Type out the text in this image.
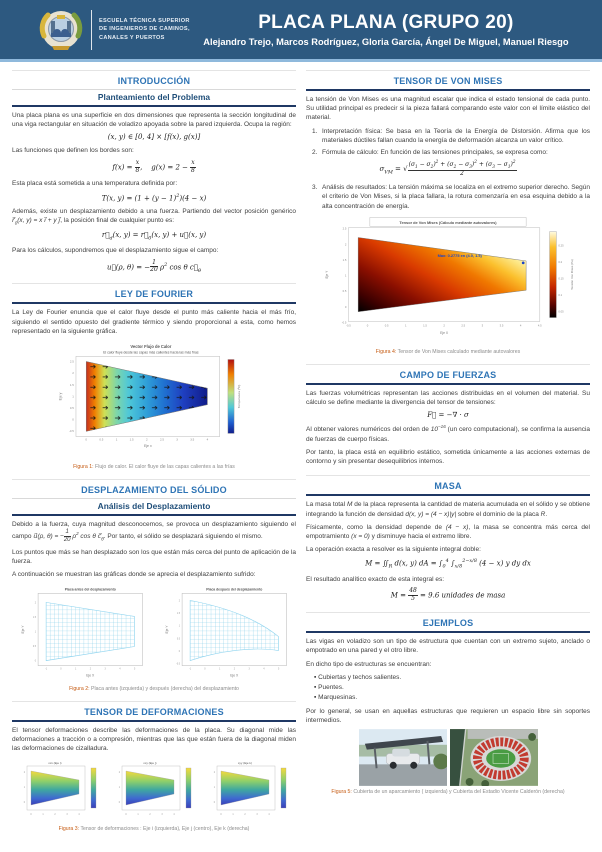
ESCUELA TÉCNICA SUPERIOR
DE INGENIEROS DE CAMINOS,
CANALES Y PUERTOS
PLACA PLANA (GRUPO 20)
Alejandro Trejo, Marcos Rodríguez, Gloria García, Ángel De Miguel, Manuel Riesgo
INTRODUCCIÓN
Planteamiento del Problema

Una placa plana es una superficie en dos dimensiones que representa la sección longitudinal de una viga rectangular en situación de voladizo apoyada sobre la pared izquierda. Ocupa la región:

(x, y) ∈ [0, 4] × [f(x), g(x)]

Las funciones que definen los bordes son:

$f(x) = \frac{x}{8}$ ,    $g(x) = 2 - \frac{x}{8}$

Esta placa está sometida a una temperatura definida por:

T(x, $y) = (1 + (y - 1)^2)(4 - x)$

Además, existe un desplazamiento debido a una fuerza. Partiendo del vector posición genérico $r⃗_0(x$, y) = x i⃗ + y j⃗, la posición final de cualquier punto es:

$r⃗_d(x$, $y) = r⃗_0(x$, y) + u⃗(x, y)

Para los cálculos, supondremos que el desplazamiento sigue el campo:

u⃗(ρ, θ) = − $\frac{1}{20} \rho^2$ cos θ $c⃗_\theta$
LEY DE FOURIER

La Ley de Fourier enuncia que el calor fluye desde el punto más caliente hacia el más frío, siguiendo el sentido opuesto del gradiente térmico y siendo proporcional a esta, como hemos representado en la siguiente gráfica.

Vector Flujo de Calor
El calor fluye desde las capas más calientes hacia las más frías
Temperatura (ºC)
0	0.5	1	1.5	2	2.5	3	3.5	4
2.5
2
1.5
1
0.5
0
-0.5
Eje x
Eje y
Figura 1: Flujo de calor. El calor fluye de las capas calientes a las frías
DESPLAZAMIENTO DEL SÓLIDO
Análisis del Desplazamiento

Debido a la fuerza, cuya magnitud desconocemos, se provoca un desplazamiento siguiendo el campo u⃗(ρ, θ) = − $\frac{1}{20} \rho^2$ cos θ $c⃗_\theta$. Por tanto, el sólido se desplazará siguiendo el mismo.

Los puntos que más se han desplazado son los que están más cerca del punto de aplicación de la fuerza.

A continuación se muestran las gráficas donde se aprecia el desplazamiento sufrido:

Placa antes del desplazamiento
-1	0	1	2	3	4	5
2
1.5
1
0.5
0
Eje X
Eje Y
Placa después del desplazamiento
-1	0	1	2	3	4	5
2
1.5
1
0.5
0
-0.5
Eje X
Eje Y
Figura 2: Placa antes (izquierda) y después (derecha) del desplazamiento
TENSOR DE DEFORMACIONES

El tensor deformaciones describe las deformaciones de la placa. Su diagonal mide las deformaciones a tracción o a compresión, mientras que las que están fuera de la diagonal miden las deformaciones de cizalladura.

εxx (Eje i)
0	1	2	3	4
2
1
0
εxy (Eje j)
0	1	2	3	4
2
1
0
εyy (Eje k)
0	1	2	3	4
2
1
0
Figura 3: Tensor de deformaciones : Eje i (izquierda), Eje j (centro), Eje k (derecha)
TENSOR DE VON MISES

La tensión de Von Mises es una magnitud escalar que indica el estado tensional de cada punto. Su utilidad principal es predecir si la pieza fallará comparando este valor con el límite elástico del material.

1. Interpretación física: Se basa en la Teoría de la Energía de Distorsión. Afirma que los materiales dúctiles fallan cuando la energía de deformación alcanza un valor crítico.
2. Fórmula de cálculo: En función de las tensiones principales, se expresa como:
$\sigma_{VM}$ = √ $\frac{(\sigma_1 - \sigma_2)^2 + (\sigma_2 - \sigma_3)^2 + (\sigma_3 - \sigma_1)^2}{2}$
3. Análisis de resultados: La tensión máxima se localiza en el extremo superior derecho. Según el criterio de Von Mises, si la placa fallara, la rotura comenzaría en esa esquina debido a la alta concentración de energía.
Tensor de Von Mises (Cálculo mediante autovalores)
Max: 0.2775 en (4.0, 1.5)
0.25
0.2
0.15
0.1
0.05
Tensión Von Mises (Pa)
-0.5	0	0.5	1	1.5	2	2.5	3	3.5	4	4.5
2.5
2
1.5
1
0.5
0
-0.5
Eje X
Eje Y
Figura 4: Tensor de Von Mises calculado mediante autovalores
CAMPO DE FUERZAS

Las fuerzas volumétricas representan las acciones distribuidas en el volumen del material. Su cálculo se define mediante la divergencia del tensor de tensiones:

F⃗ = −∇ · σ

Al obtener valores numéricos del orden de $10^{-16}$ (un cero computacional), se confirma la ausencia de fuerzas de cuerpo físicas.

Por tanto, la placa está en equilibrio estático, sometida únicamente a las acciones externas de contorno y sin presentar desequilibrios internos.

MASA

La masa total M de la placa representa la cantidad de materia acumulada en el sólido y se obtiene integrando la función de densidad d(x, y) = (4 − x)|y| sobre el dominio de la placa R.

Físicamente, como la densidad depende de (4 − x), la masa se concentra más cerca del empotramiento (x = 0) y disminuye hacia el extremo libre.

La operación exacta a resolver es la siguiente integral doble:

$M = ∬_R$ d(x, y) dA = $\int_0^4$ $\int_{x/8}^{2-x/8}$ (4 − x) y dy dx

El resultado analítico exacto de esta integral es:

$M = \frac{48}{5} = 9.6$ unidades de masa
EJEMPLOS

Las vigas en voladizo son un tipo de estructura que cuentan con un extremo sujeto, anclado o empotrado en una pared y el otro libre.

En dicho tipo de estructuras se encuentran:

▪ Cubiertas y techos salientes.
▪ Puentes.
▪ Marquesinas.

Por lo general, se usan en aquellas estructuras que requieren un espacio libre sin soportes intermedios.

Figura 5: Cubierta de un aparcamiento ( izquierda) y Cubierta del Estadio Vicente Calderón (derecha)
